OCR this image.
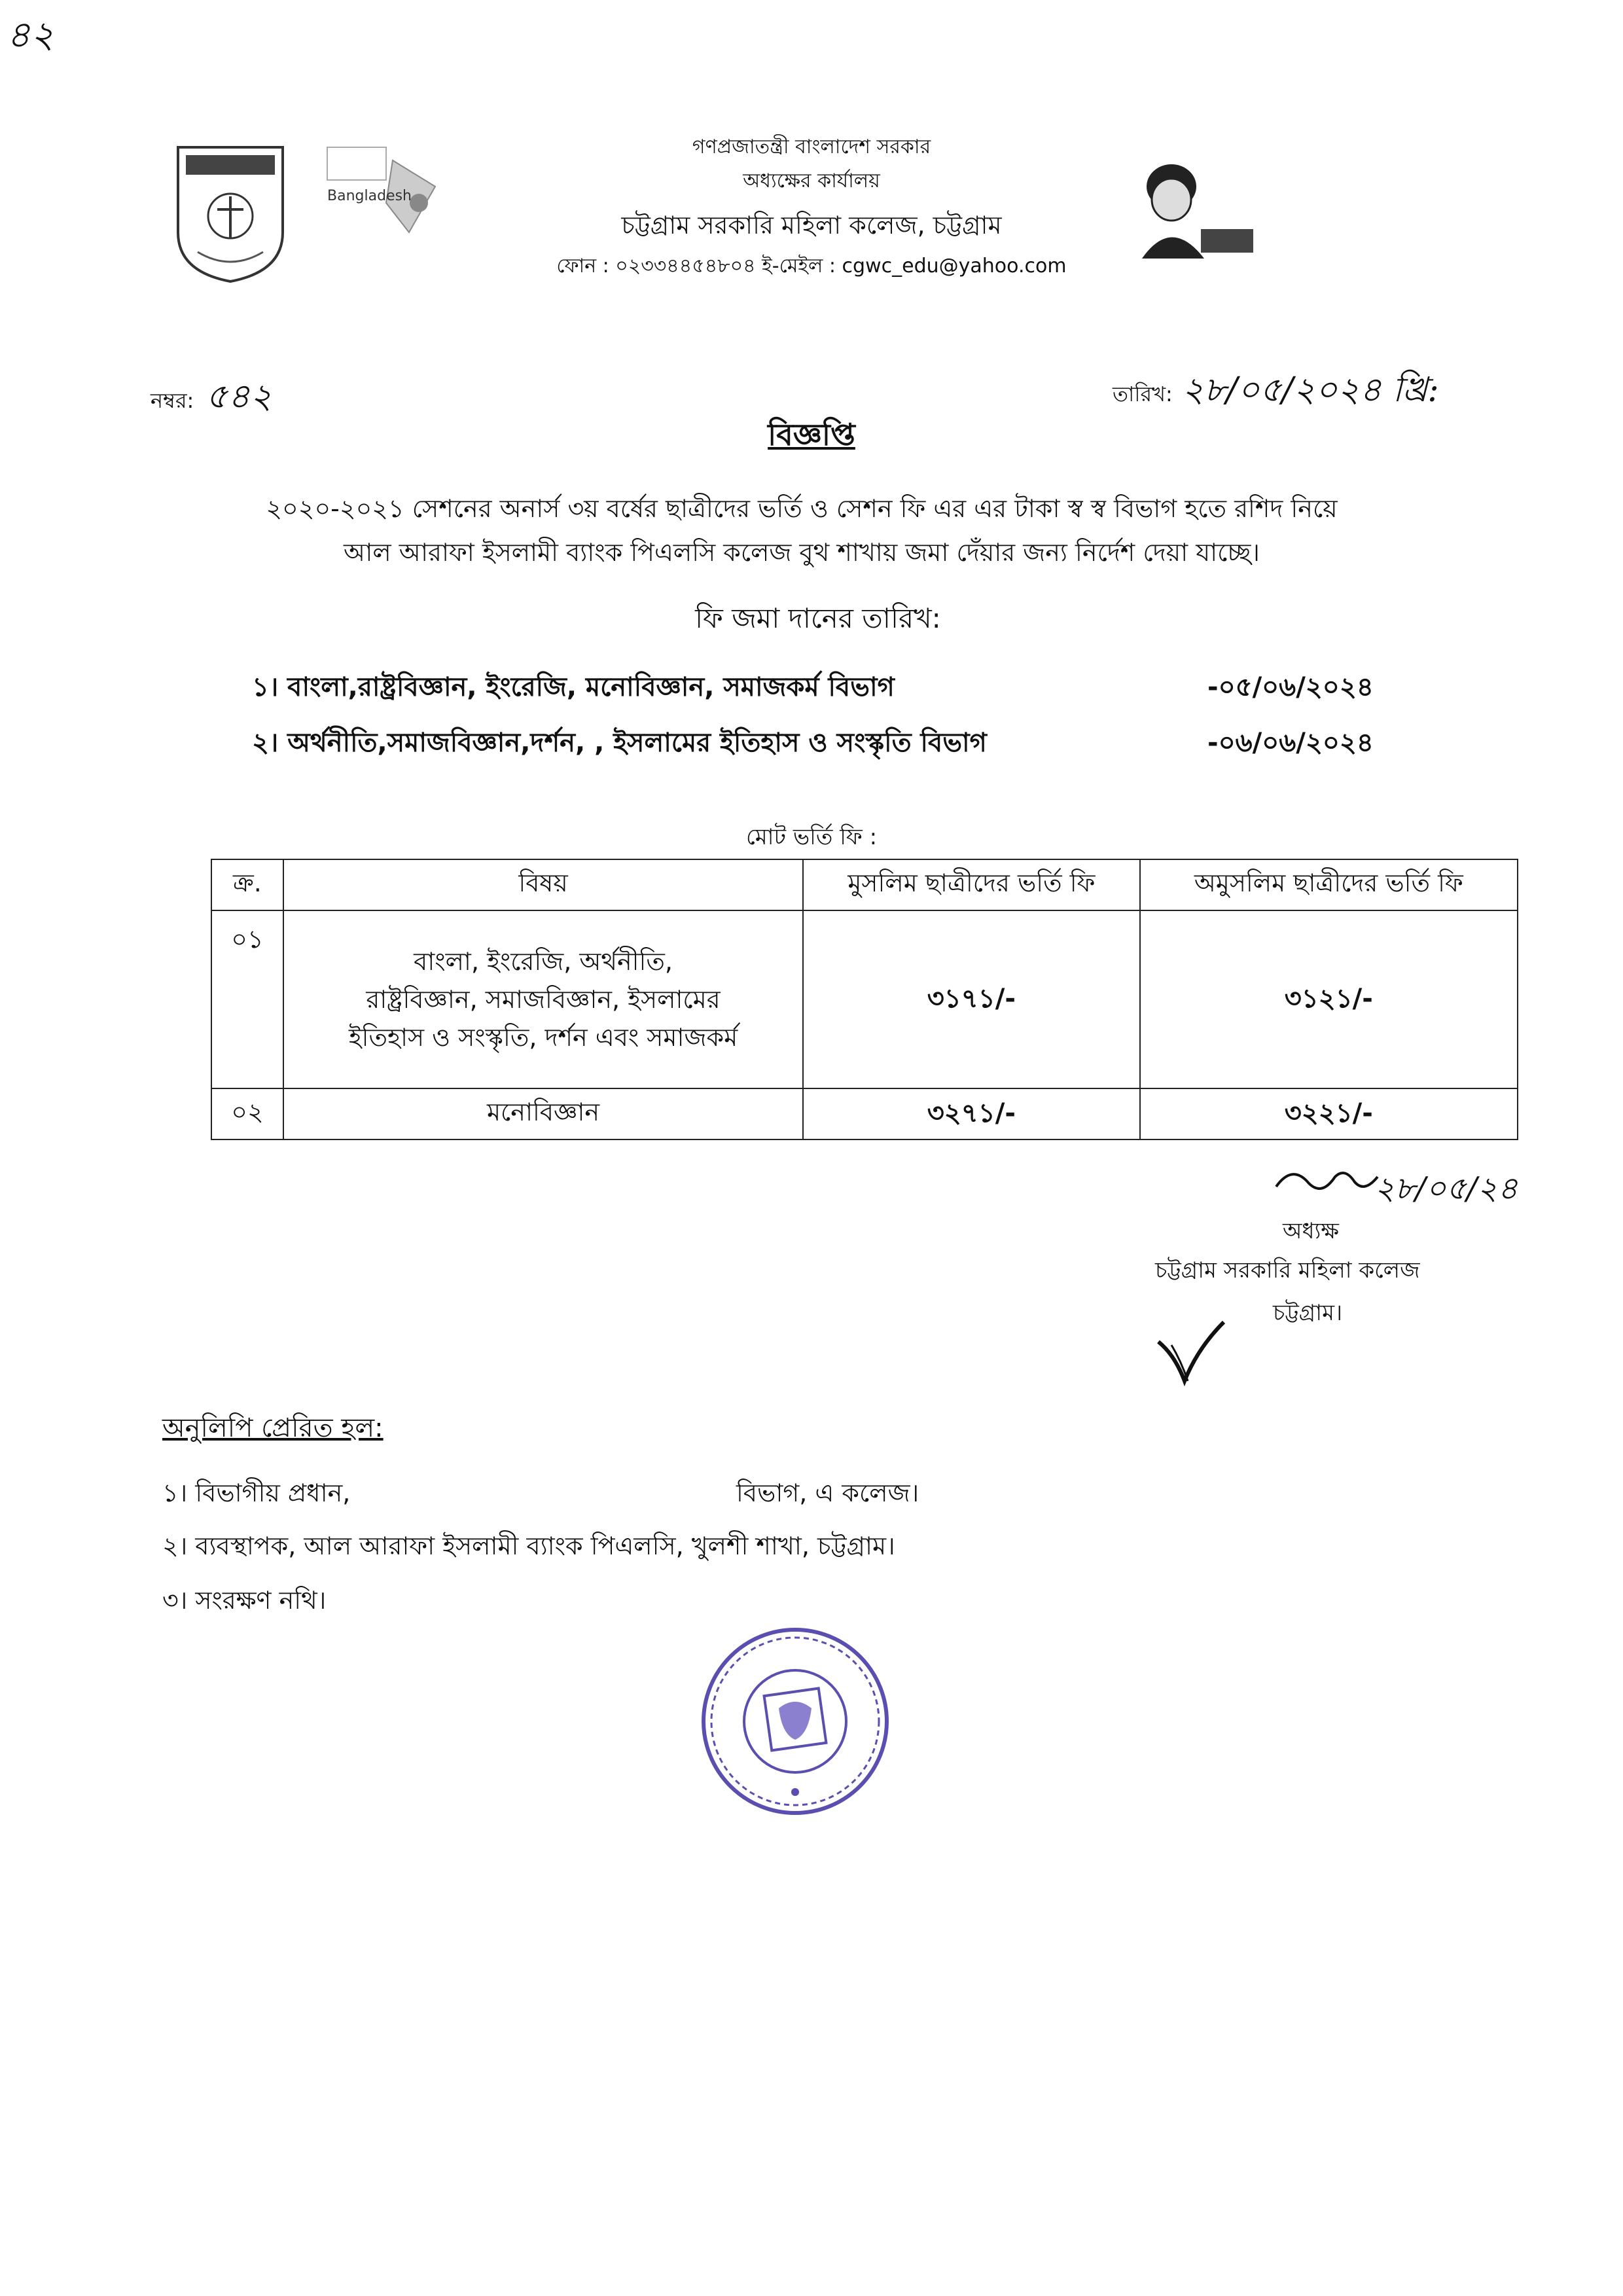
৪২
Bangladesh
গণপ্রজাতন্ত্রী বাংলাদেশ সরকার
অধ্যক্ষের কার্যালয়
চট্টগ্রাম সরকারি মহিলা কলেজ, চট্টগ্রাম
ফোন : ০২৩৩৪৪৫৪৮০৪ ই-মেইল : cgwc_edu@yahoo.com
নম্বর: ৫৪২	তারিখ: ২৮/০৫/২০২৪ খ্রি:
বিজ্ঞপ্তি
২০২০-২০২১ সেশনের অনার্স ৩য় বর্ষের ছাত্রীদের ভর্তি ও সেশন ফি এর এর টাকা স্ব স্ব বিভাগ হতে রশিদ নিয়ে
আল আরাফা ইসলামী ব্যাংক পিএলসি কলেজ বুথ শাখায় জমা দেঁয়ার জন্য নির্দেশ দেয়া যাচ্ছে।
ফি জমা দানের তারিখ:
১। বাংলা,রাষ্ট্রবিজ্ঞান, ইংরেজি, মনোবিজ্ঞান, সমাজকর্ম বিভাগ	-০৫/০৬/২০২৪
২। অর্থনীতি,সমাজবিজ্ঞান,দর্শন, , ইসলামের ইতিহাস ও সংস্কৃতি বিভাগ	-০৬/০৬/২০২৪
মোট ভর্তি ফি :
ক্র.	বিষয়	মুসলিম ছাত্রীদের ভর্তি ফি	অমুসলিম ছাত্রীদের ভর্তি ফি
০১	বাংলা, ইংরেজি, অর্থনীতি,
রাষ্ট্রবিজ্ঞান, সমাজবিজ্ঞান, ইসলামের
ইতিহাস ও সংস্কৃতি, দর্শন এবং সমাজকর্ম	৩১৭১/-	৩১২১/-
০২	মনোবিজ্ঞান	৩২৭১/-	৩২২১/-
২৮/০৫/২৪
অধ্যক্ষ
চট্টগ্রাম সরকারি মহিলা কলেজ
চট্টগ্রাম।
অনুলিপি প্রেরিত হল:
১। বিভাগীয় প্রধান,	বিভাগ, এ কলেজ।
২। ব্যবস্থাপক, আল আরাফা ইসলামী ব্যাংক পিএলসি, খুলশী শাখা, চট্টগ্রাম।
৩। সংরক্ষণ নথি।
